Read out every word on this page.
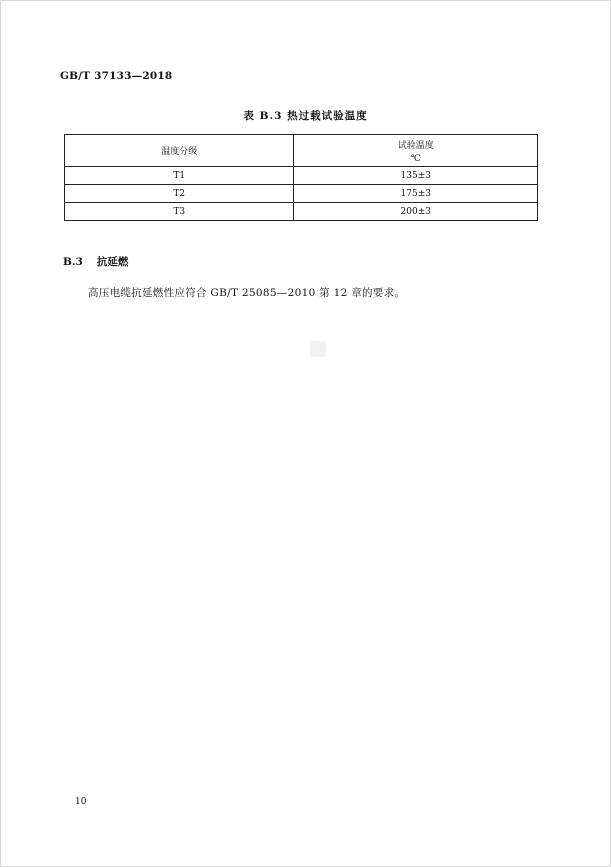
GB/T 37133—2018
表 B.3 热过载试验温度
温度分级	试验温度
℃

T1	135±3
T2	175±3
T3	200±3
B.3 抗延燃
高压电缆抗延燃性应符合 GB/T 25085—2010 第 12 章的要求。
10
